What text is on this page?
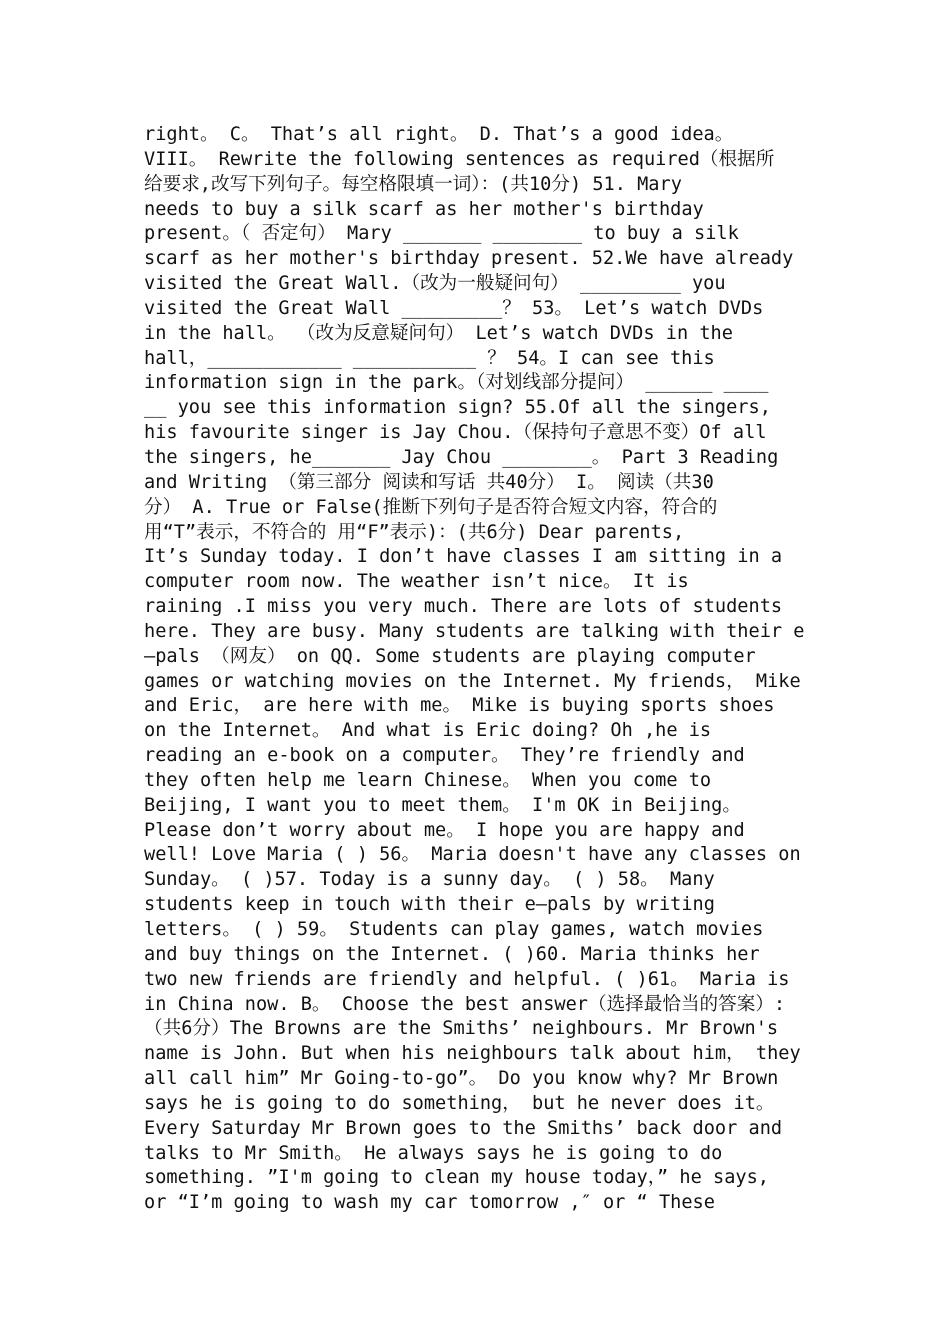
right。 C。 That’s all right。 D. That’s a good idea。
VIII。 Rewrite the following sentences as required（根据所
给要求,改写下列句子。每空格限填一词）：(共10分) 51. Mary
needs to buy a silk scarf as her mother's birthday
present。（ 否定句） Mary _______ ________ to buy a silk
scarf as her mother's birthday present. 52.We have already
visited the Great Wall.（改为一般疑问句） _________ you
visited the Great Wall _________？ 53。 Let’s watch DVDs
in the hall。 （改为反意疑问句） Let’s watch DVDs in the
hall，____________ ___________ ？ 54。I can see this
information sign in the park。（对划线部分提问） ______ ____
__ you see this information sign? 55.Of all the singers,
his favourite singer is Jay Chou.（保持句子意思不变）Of all
the singers, he_______ Jay Chou ________。 Part 3 Reading
and Writing （第三部分 阅读和写话 共40分） I。 阅读（共30
分） A. True or False(推断下列句子是否符合短文内容，符合的
用“T”表示，不符合的 用“F”表示)：(共6分) Dear parents,
It’s Sunday today. I don’t have classes I am sitting in a
computer room now. The weather isn’t nice。 It is
raining .I miss you very much. There are lots of students
here. They are busy. Many students are talking with their e
—pals （网友） on QQ. Some students are playing computer
games or watching movies on the Internet. My friends， Mike
and Eric， are here with me。 Mike is buying sports shoes
on the Internet。 And what is Eric doing? Oh ,he is
reading an e-book on a computer。 They’re friendly and
they often help me learn Chinese。 When you come to
Beijing, I want you to meet them。 I'm OK in Beijing。
Please don’t worry about me。 I hope you are happy and
well! Love Maria ( ) 56。 Maria doesn't have any classes on
Sunday。 ( )57. Today is a sunny day。 ( ) 58。 Many
students keep in touch with their e—pals by writing
letters。 ( ) 59。 Students can play games, watch movies
and buy things on the Internet. ( )60. Maria thinks her
two new friends are friendly and helpful. ( )61。 Maria is
in China now. B。 Choose the best answer（选择最恰当的答案）:
（共6分）The Browns are the Smiths’ neighbours. Mr Brown's
name is John. But when his neighbours talk about him， they
all call him” Mr Going-to-go”。 Do you know why? Mr Brown
says he is going to do something， but he never does it。
Every Saturday Mr Brown goes to the Smiths’ back door and
talks to Mr Smith。 He always says he is going to do
something. ”I'm going to clean my house today，” he says,
or “I’m going to wash my car tomorrow ,″ or “ These
